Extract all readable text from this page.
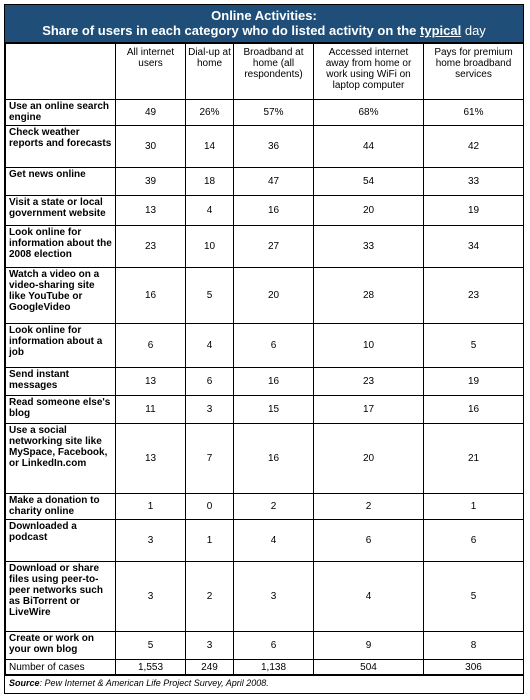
Online Activities:
Share of users in each category who do listed activity on the typical day
	All internet users	Dial-up at home	Broadband at home (all respondents)	Accessed internet away from home or work using WiFi on laptop computer	Pays for premium home broadband services
Use an online search engine	49	26%	57%	68%	61%
Check weather reports and forecasts	30	14	36	44	42
Get news online	39	18	47	54	33
Visit a state or local government website	13	4	16	20	19
Look online for information about the 2008 election	23	10	27	33	34
Watch a video on a video-sharing site like YouTube or GoogleVideo	16	5	20	28	23
Look online for information about a job	6	4	6	10	5
Send instant messages	13	6	16	23	19
Read someone else's blog	11	3	15	17	16
Use a social networking site like MySpace, Facebook, or LinkedIn.com	13	7	16	20	21
Make a donation to charity online	1	0	2	2	1
Downloaded a podcast	3	1	4	6	6
Download or share files using peer-to-peer networks such as BiTorrent or LiveWire	3	2	3	4	5
Create or work on your own blog	5	3	6	9	8
Number of cases	1,553	249	1,138	504	306
Source: Pew Internet & American Life Project Survey, April 2008.
